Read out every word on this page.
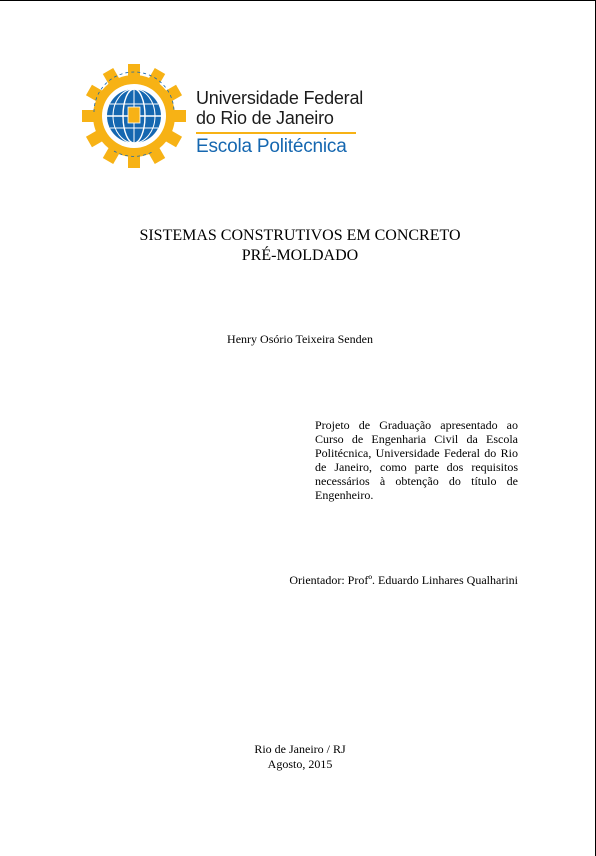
Universidade Federal
do Rio de Janeiro
Escola Politécnica
SISTEMAS CONSTRUTIVOS EM CONCRETO
PRÉ-MOLDADO
Henry Osório Teixeira Senden
Projeto de Graduação apresentado ao Curso de Engenharia Civil da Escola Politécnica, Universidade Federal do Rio de Janeiro, como parte dos requisitos necessários à obtenção do título de Engenheiro.
Orientador: Profº. Eduardo Linhares Qualharini
Rio de Janeiro / RJ
Agosto, 2015
